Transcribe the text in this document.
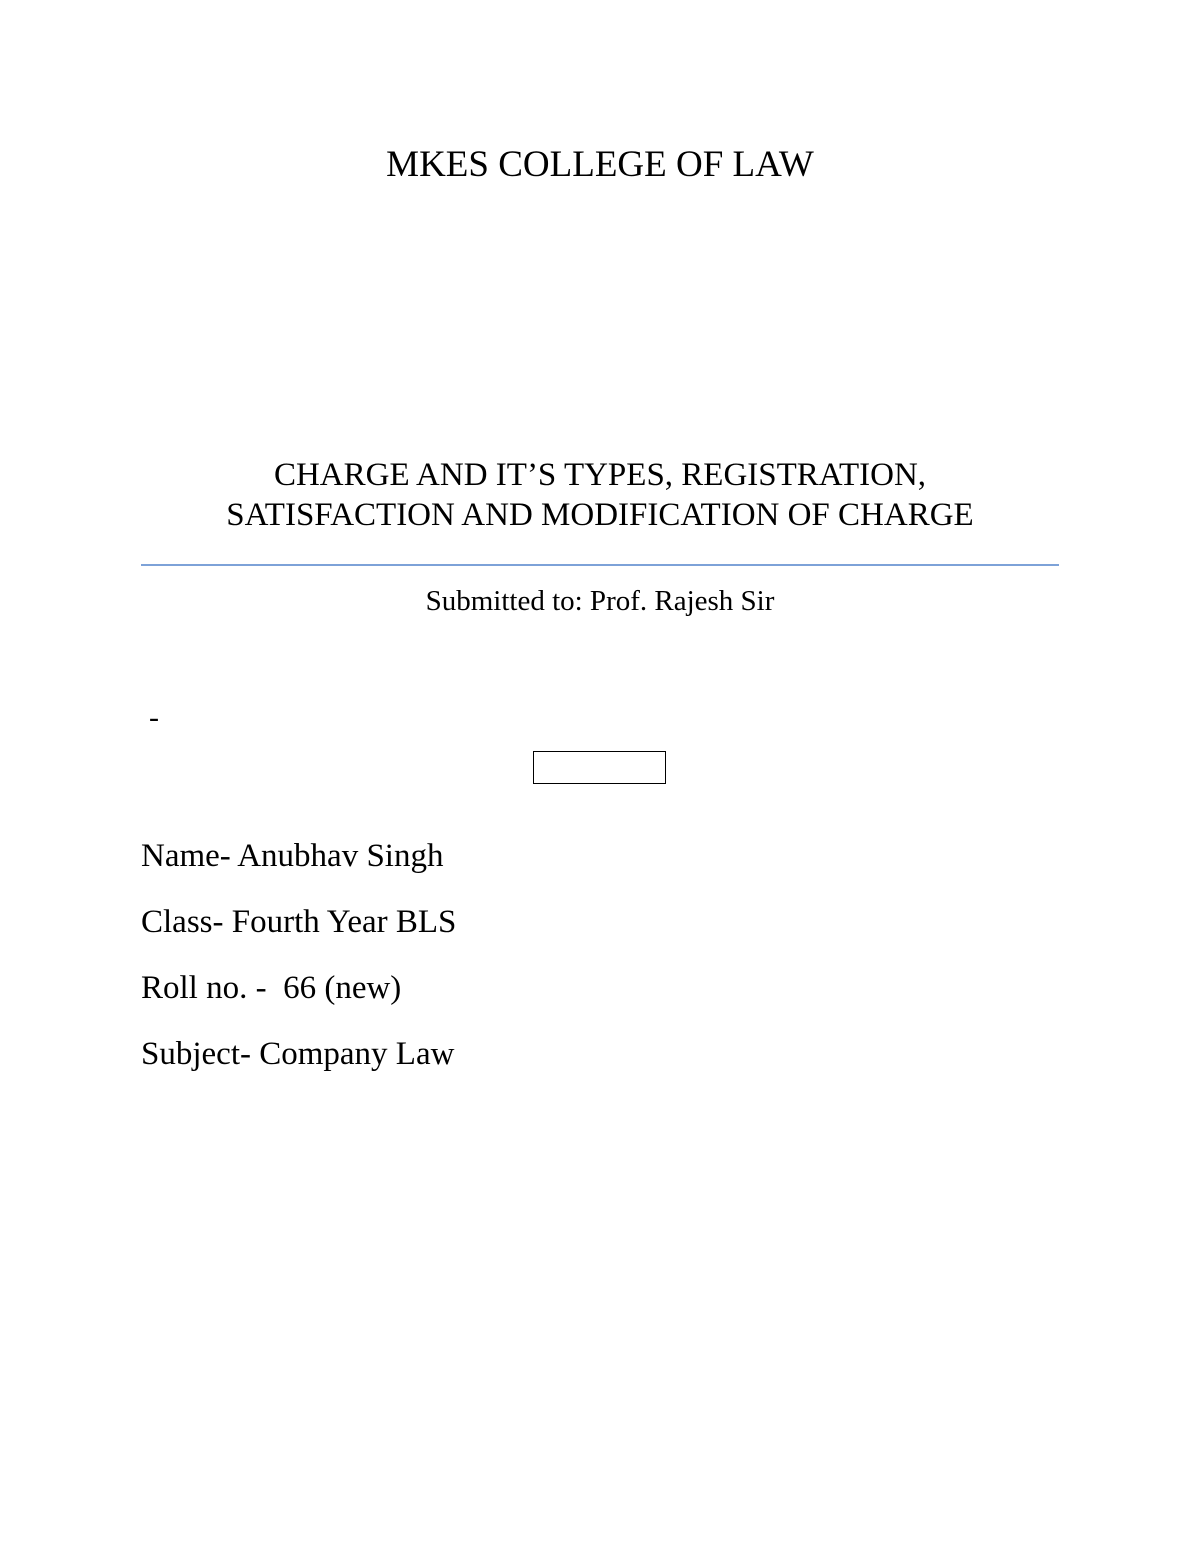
MKES COLLEGE OF LAW
CHARGE AND IT’S TYPES, REGISTRATION,
SATISFACTION AND MODIFICATION OF CHARGE
Submitted to: Prof. Rajesh Sir
-
Name- Anubhav Singh
Class- Fourth Year BLS
Roll no. -  66 (new)
Subject- Company Law
